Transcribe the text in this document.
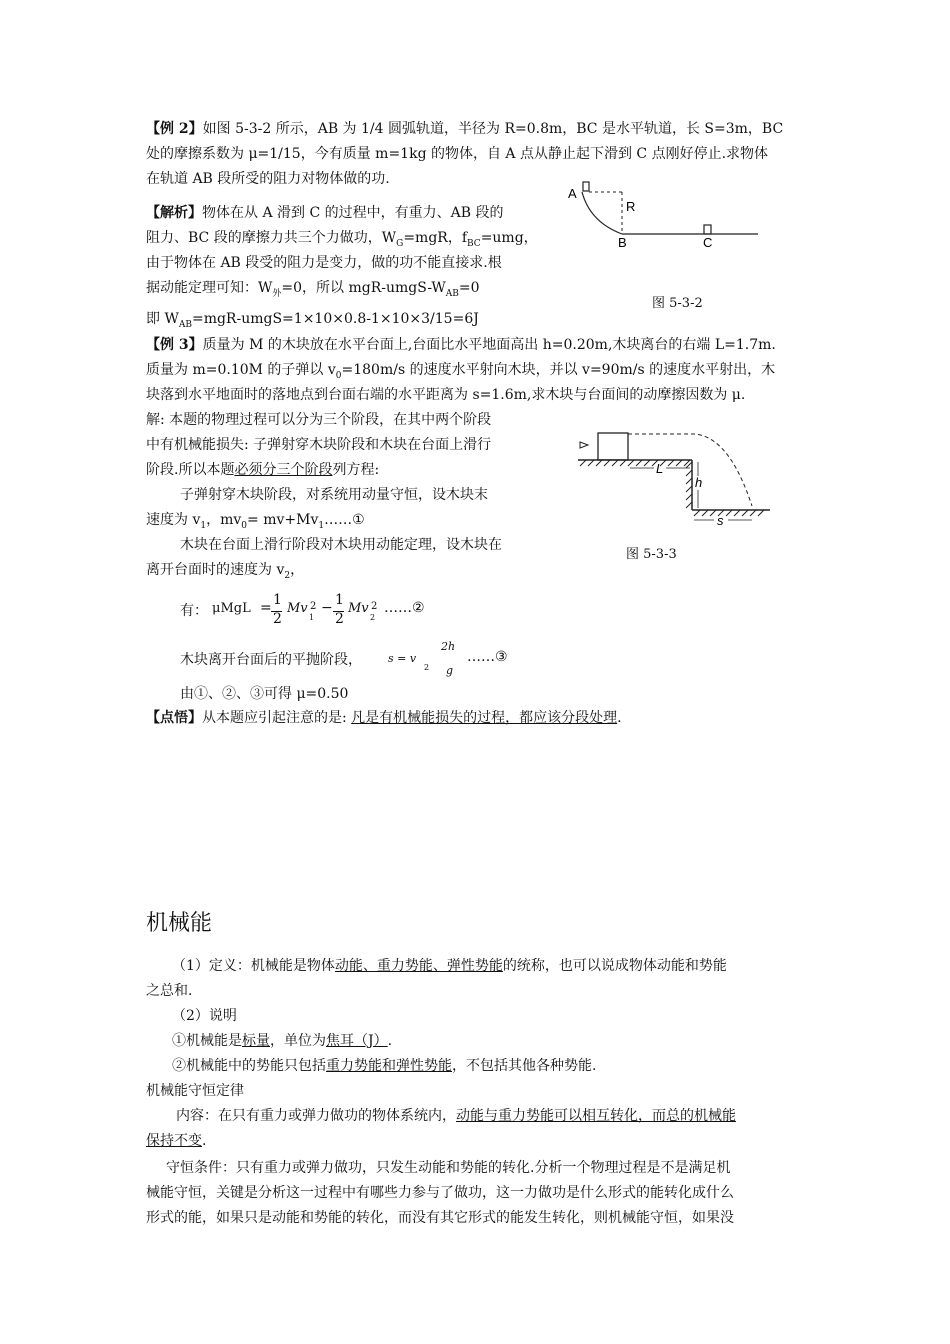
【例 2】如图 5-3-2 所示，AB 为 1/4 圆弧轨道，半径为 R=0.8m，BC 是水平轨道，长 S=3m，BC
处的摩擦系数为 μ=1/15，今有质量 m=1kg 的物体，自 A 点从静止起下滑到 C 点刚好停止.求物体
在轨道 AB 段所受的阻力对物体做的功.
【解析】物体在从 A 滑到 C 的过程中，有重力、AB 段的
阻力、BC 段的摩擦力共三个力做功，$W_G=mgR$，$f_{BC}=umg$，
由于物体在 AB 段受的阻力是变力，做的功不能直接求.根
据动能定理可知：$W_外=0$，所以 mgR-$umgS-W_{AB}=0$
即 $W_{AB}=mgR-umgS=1\times 10\times 0.8-1\times 10\times 3/15=6J$
A
R
B	C
图 5-3-2
【例 3】质量为 M 的木块放在水平台面上,台面比水平地面高出 h=0.20m,木块离台的右端 L=1.7m.
质量为 m=0.10M 的子弹以 $v_0=180m/s$ 的速度水平射向木块，并以 v=90m/s 的速度水平射出，木
块落到水平地面时的落地点到台面右端的水平距离为 s=1.6m,求木块与台面间的动摩擦因数为 μ.
解: 本题的物理过程可以分为三个阶段，在其中两个阶段
中有机械能损失: 子弹射穿木块阶段和木块在台面上滑行
阶段.所以本题必须分三个阶段列方程:
子弹射穿木块阶段，对系统用动量守恒，设木块末
速度为 $v_1$，$mv_0=$ $mv+Mv_1\dots\dots ①$
木块在台面上滑行阶段对木块用动能定理，设木块在
离开台面时的速度为 $v_2$，
有： μMgL = 1
2
Mv 2
1
− 1
2
Mv 2
2
……②
木块离开台面后的平抛阶段， s = v
2
2h
g
……③
由①、②、③可得 μ=0.50
【点悟】从本题应引起注意的是: 凡是有机械能损失的过程，都应该分段处理.
L
h
s
图 5-3-3
机械能
（1）定义：机械能是物体动能、重力势能、弹性势能的统称，也可以说成物体动能和势能
之总和.
（2）说明
①机械能是标量，单位为焦耳（J）.
②机械能中的势能只包括重力势能和弹性势能，不包括其他各种势能.
机械能守恒定律
内容：在只有重力或弹力做功的物体系统内，动能与重力势能可以相互转化，而总的机械能
保持不变.
守恒条件：只有重力或弹力做功，只发生动能和势能的转化.分析一个物理过程是不是满足机
械能守恒，关键是分析这一过程中有哪些力参与了做功，这一力做功是什么形式的能转化成什么
形式的能，如果只是动能和势能的转化，而没有其它形式的能发生转化，则机械能守恒，如果没
